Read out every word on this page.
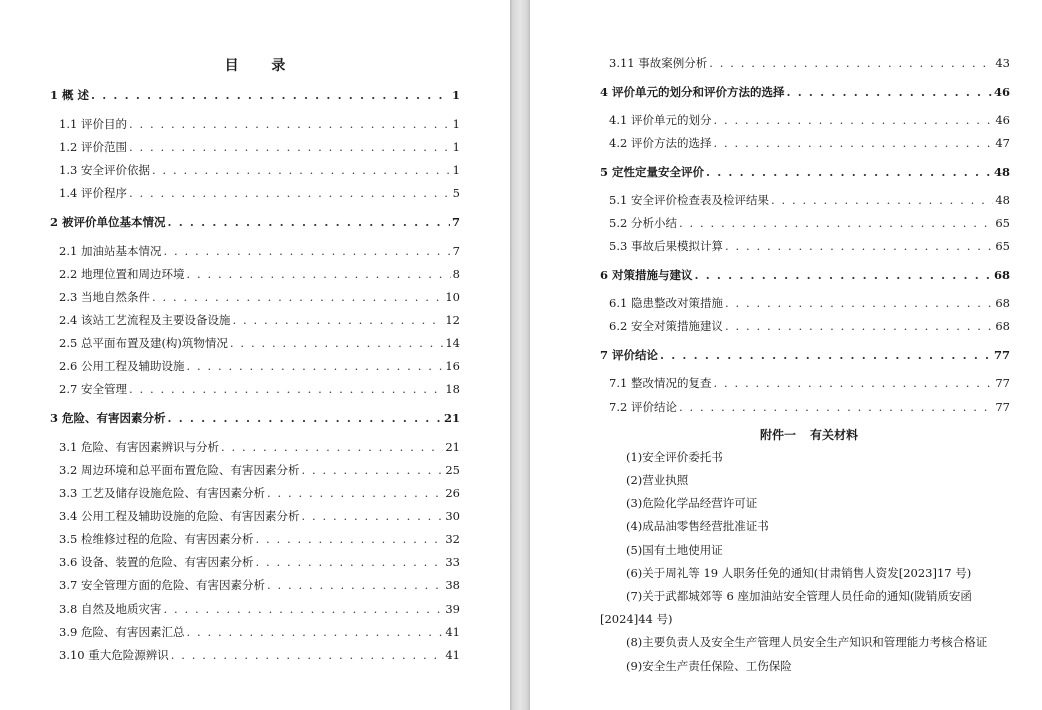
目 录
附件一 有关材料
1 概 述 . . .	1
1.1 评价目的 . . .	1
1.2 评价范围 . . .	1
1.3 安全评价依据 . . .	1
1.4 评价程序 . . .	5
2 被评价单位基本情况 . . .	7
2.1 加油站基本情况 . . .	7
2.2 地理位置和周边环境 . . .	8
2.3 当地自然条件 . . .	10
2.4 该站工艺流程及主要设备设施 . . .	12
2.5 总平面布置及建(构)筑物情况 . . .	14
2.6 公用工程及辅助设施 . . .	16
2.7 安全管理 . . .	18
3 危险、有害因素分析 . . .	21
3.1 危险、有害因素辨识与分析 . . .	21
3.2 周边环境和总平面布置危险、有害因素分析 . . .	25
3.3 工艺及储存设施危险、有害因素分析 . . .	26
3.4 公用工程及辅助设施的危险、有害因素分析 . . .	30
3.5 检维修过程的危险、有害因素分析 . . .	32
3.6 设备、装置的危险、有害因素分析 . . .	33
3.7 安全管理方面的危险、有害因素分析 . . .	38
3.8 自然及地质灾害 . . .	39
3.9 危险、有害因素汇总 . . .	41
3.10 重大危险源辨识 . . .	41
3.11 事故案例分析 . . .	43
4 评价单元的划分和评价方法的选择 . . .	46
4.1 评价单元的划分 . . .	46
4.2 评价方法的选择 . . .	47
5 定性定量安全评价 . . .	48
5.1 安全评价检查表及检评结果 . . .	48
5.2 分析小结 . . .	65
5.3 事故后果模拟计算 . . .	65
6 对策措施与建议 . . .	68
6.1 隐患整改对策措施 . . .	68
6.2 安全对策措施建议 . . .	68
7 评价结论 . . .	77
7.1 整改情况的复查 . . .	77
7.2 评价结论 . . .	77
(1)安全评价委托书
(2)营业执照
(3)危险化学品经营许可证
(4)成品油零售经营批准证书
(5)国有土地使用证
(6)关于周礼等 19 人职务任免的通知(甘肃销售人资发[2023]17 号)
(7)关于武都城郊等 6 座加油站安全管理人员任命的通知(陇销质安函
[2024]44 号)
(8)主要负责人及安全生产管理人员安全生产知识和管理能力考核合格证
(9)安全生产责任保险、工伤保险
